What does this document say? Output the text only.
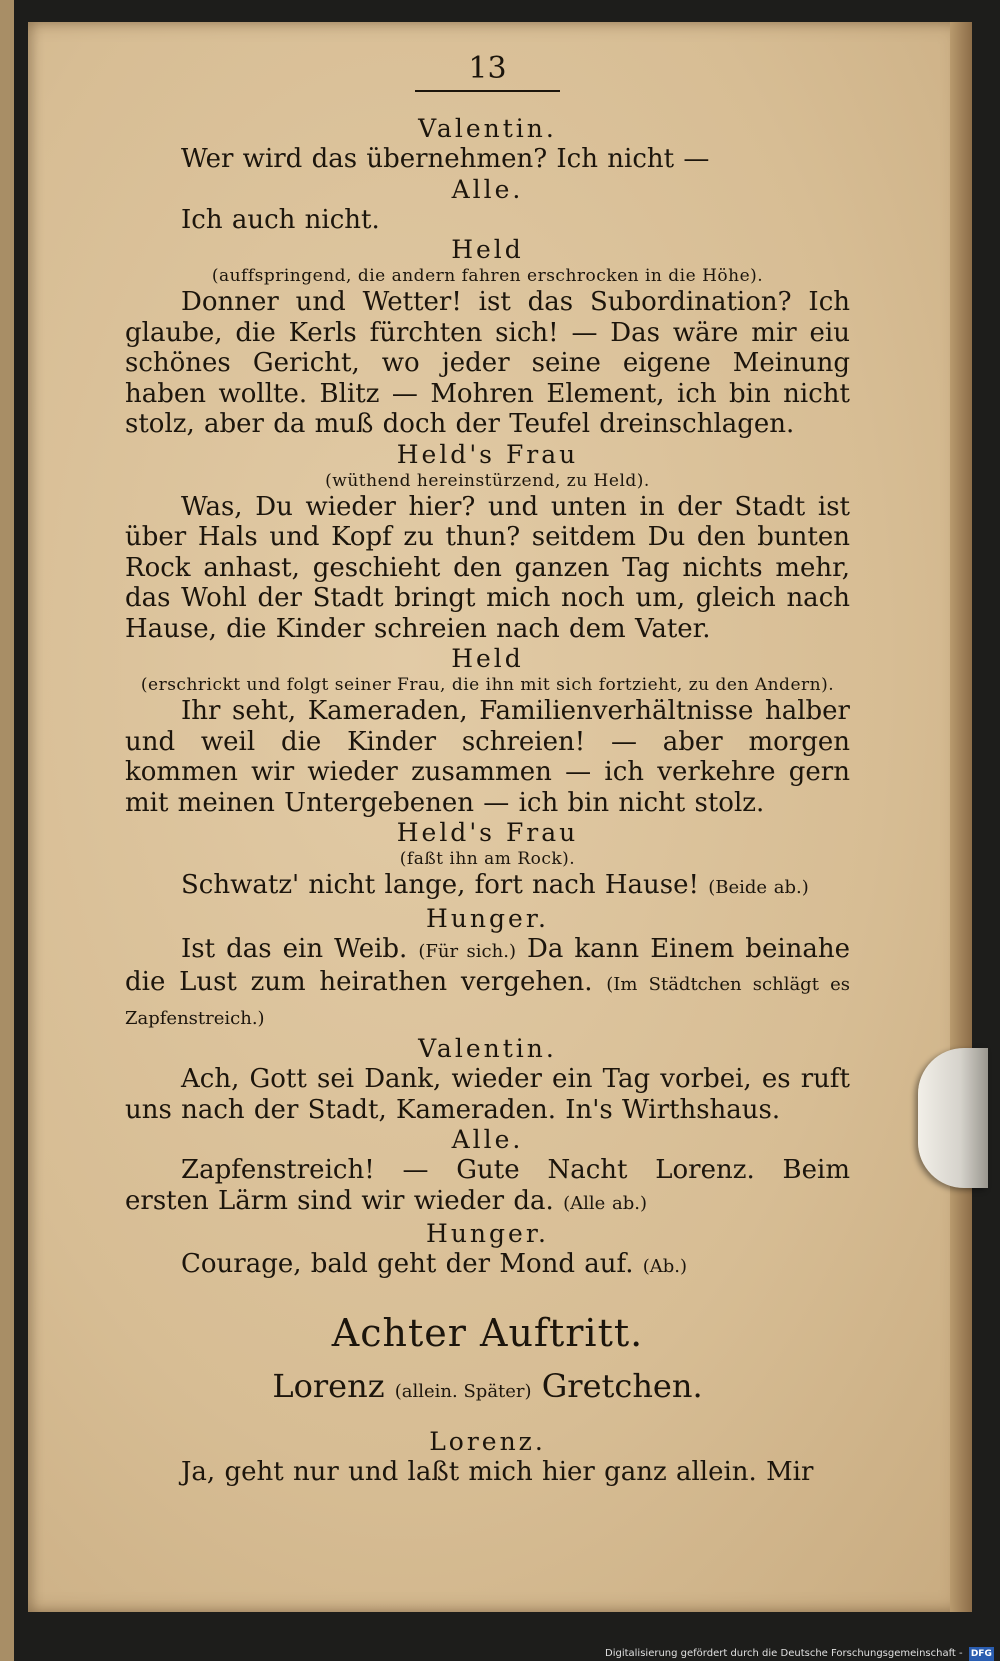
13
Valentin.
Wer wird das übernehmen? Ich nicht —
Alle.
Ich auch nicht.
Held
(auffspringend, die andern fahren erschrocken in die Höhe).
Donner und Wetter! ist das Subordination? Ich glaube, die Kerls fürchten sich! — Das wäre mir eiu schönes Gericht, wo jeder seine eigene Meinung haben wollte. Blitz — Mohren Element, ich bin nicht stolz, aber da muß doch der Teufel dreinschlagen.
Held's Frau
(wüthend hereinstürzend, zu Held).
Was, Du wieder hier? und unten in der Stadt ist über Hals und Kopf zu thun? seitdem Du den bunten Rock anhast, geschieht den ganzen Tag nichts mehr, das Wohl der Stadt bringt mich noch um, gleich nach Hause, die Kinder schreien nach dem Vater.
Held
(erschrickt und folgt seiner Frau, die ihn mit sich fortzieht, zu den Andern).
Ihr seht, Kameraden, Familienverhältnisse halber und weil die Kinder schreien! — aber morgen kommen wir wieder zusammen — ich verkehre gern mit meinen Untergebenen — ich bin nicht stolz.
Held's Frau
(faßt ihn am Rock).
Schwatz' nicht lange, fort nach Hause! (Beide ab.)
Hunger.
Ist das ein Weib. (Für sich.) Da kann Einem beinahe die Lust zum heirathen vergehen. (Im Städtchen schlägt es Zapfenstreich.)
Valentin.
Ach, Gott sei Dank, wieder ein Tag vorbei, es ruft uns nach der Stadt, Kameraden. In's Wirthshaus.
Alle.
Zapfenstreich! — Gute Nacht Lorenz. Beim ersten Lärm sind wir wieder da. (Alle ab.)
Hunger.
Courage, bald geht der Mond auf. (Ab.)
Achter Auftritt.
Lorenz (allein. Später) Gretchen.
Lorenz.
Ja, geht nur und laßt mich hier ganz allein. Mir
Digitalisierung gefördert durch die Deutsche Forschungsgemeinschaft - DFG
